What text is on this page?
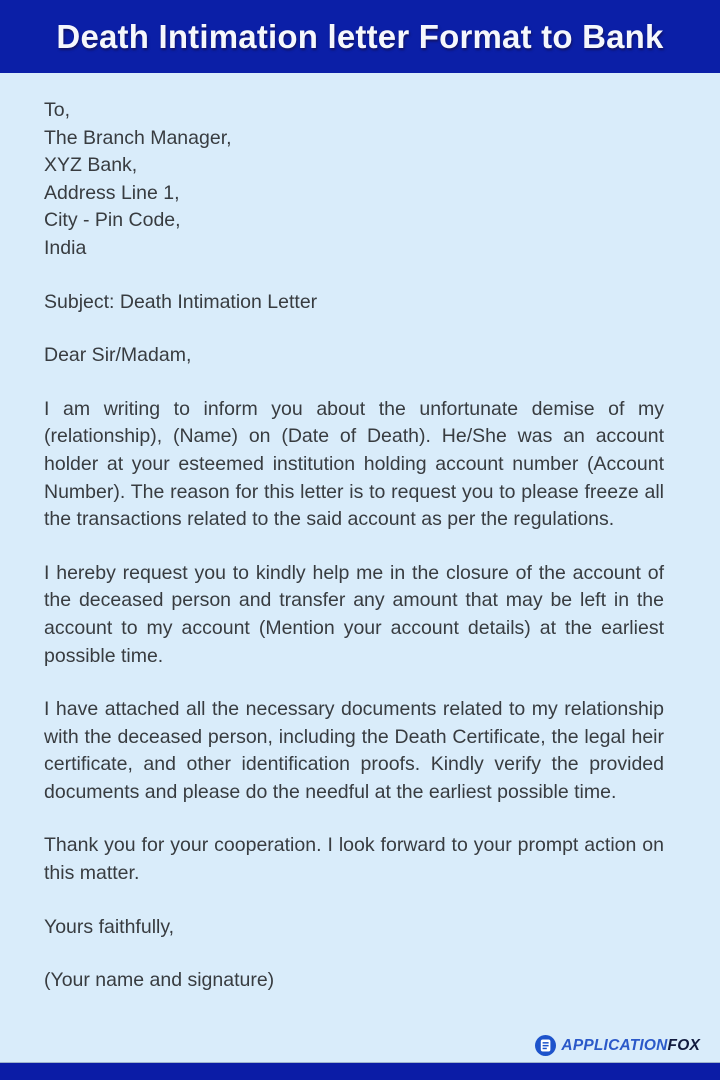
Death Intimation letter Format to Bank
To,
The Branch Manager,
XYZ Bank,
Address Line 1,
City - Pin Code,
India
Subject: Death Intimation Letter
Dear Sir/Madam,
I am writing to inform you about the unfortunate demise of my (relationship), (Name) on (Date of Death). He/She was an account holder at your esteemed institution holding account number (Account Number). The reason for this letter is to request you to please freeze all the transactions related to the said account as per the regulations.
I hereby request you to kindly help me in the closure of the account of the deceased person and transfer any amount that may be left in the account to my account (Mention your account details) at the earliest possible time.
I have attached all the necessary documents related to my relationship with the deceased person, including the Death Certificate, the legal heir certificate, and other identification proofs. Kindly verify the provided documents and please do the needful at the earliest possible time.
Thank you for your cooperation. I look forward to your prompt action on this matter.
Yours faithfully,
(Your name and signature)
APPLICATIONFOX
